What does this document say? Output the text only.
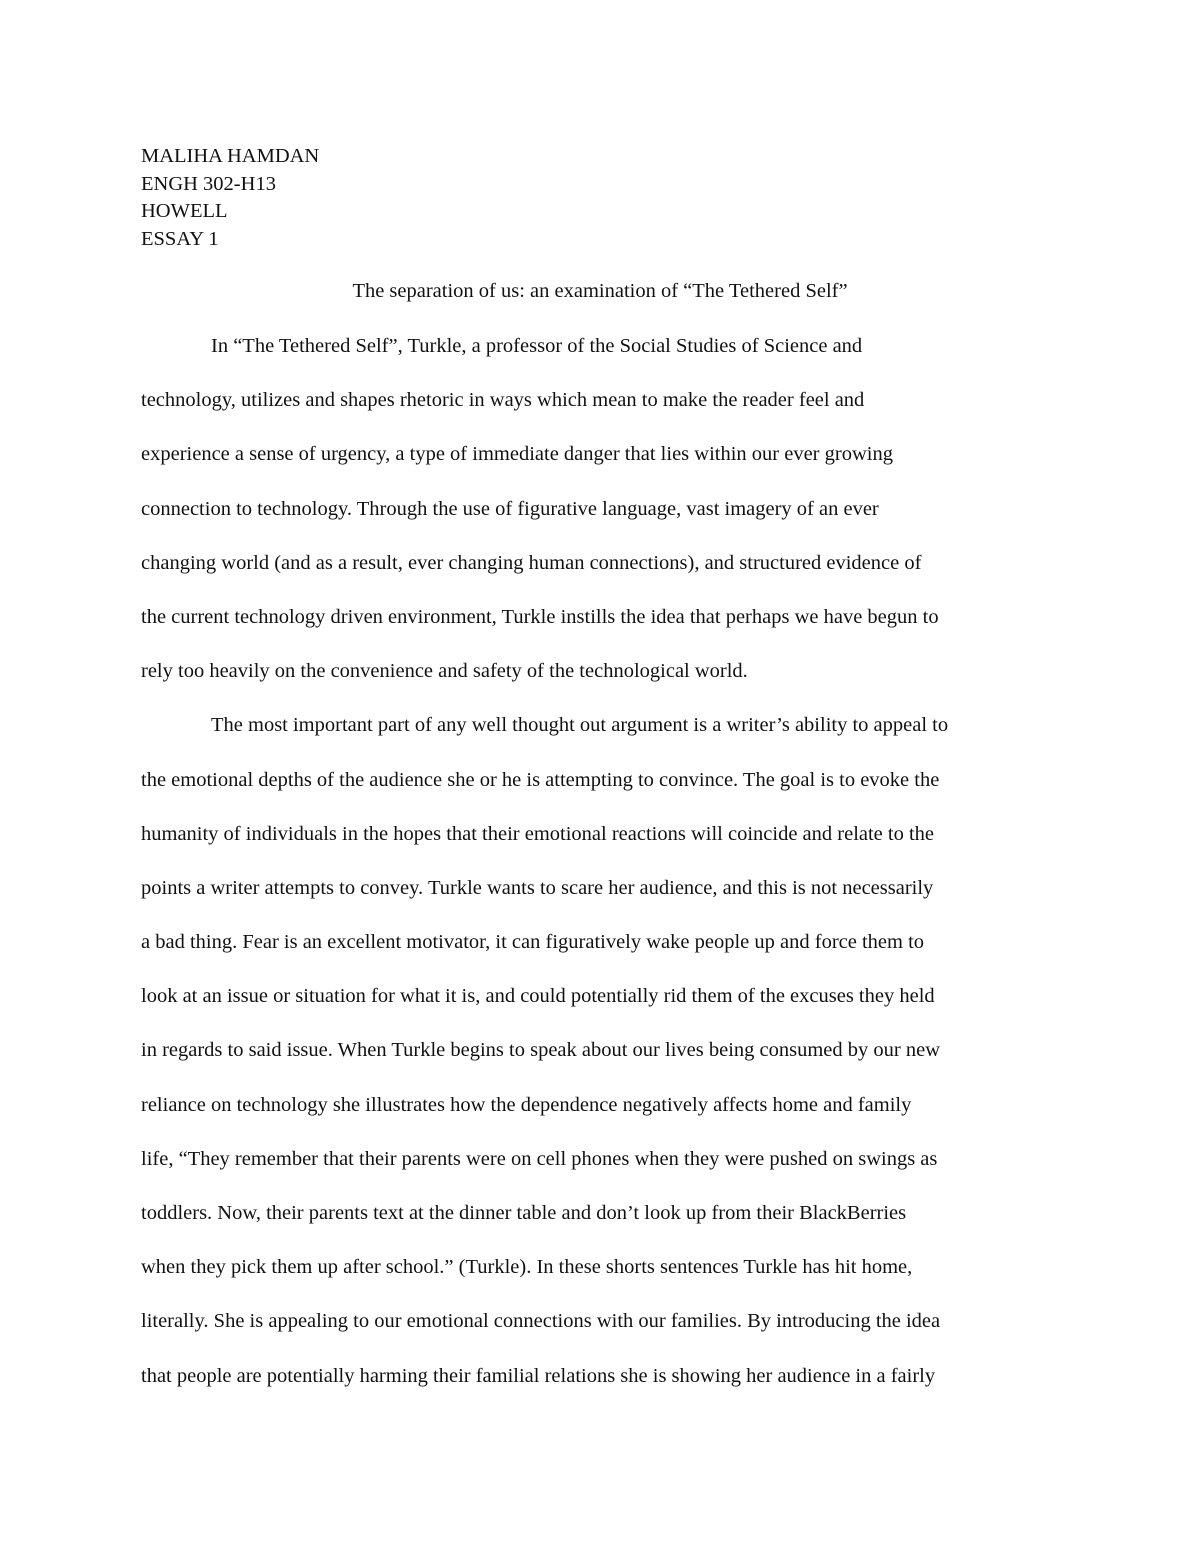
MALIHA HAMDAN
ENGH 302-H13
HOWELL
ESSAY 1
The separation of us: an examination of “The Tethered Self”
In “The Tethered Self”, Turkle, a professor of the Social Studies of Science and
technology, utilizes and shapes rhetoric in ways which mean to make the reader feel and
experience a sense of urgency, a type of immediate danger that lies within our ever growing
connection to technology. Through the use of figurative language, vast imagery of an ever
changing world (and as a result, ever changing human connections), and structured evidence of
the current technology driven environment, Turkle instills the idea that perhaps we have begun to
rely too heavily on the convenience and safety of the technological world.
The most important part of any well thought out argument is a writer’s ability to appeal to
the emotional depths of the audience she or he is attempting to convince. The goal is to evoke the
humanity of individuals in the hopes that their emotional reactions will coincide and relate to the
points a writer attempts to convey. Turkle wants to scare her audience, and this is not necessarily
a bad thing. Fear is an excellent motivator, it can figuratively wake people up and force them to
look at an issue or situation for what it is, and could potentially rid them of the excuses they held
in regards to said issue. When Turkle begins to speak about our lives being consumed by our new
reliance on technology she illustrates how the dependence negatively affects home and family
life, “They remember that their parents were on cell phones when they were pushed on swings as
toddlers. Now, their parents text at the dinner table and don’t look up from their BlackBerries
when they pick them up after school.” (Turkle). In these shorts sentences Turkle has hit home,
literally. She is appealing to our emotional connections with our families. By introducing the idea
that people are potentially harming their familial relations she is showing her audience in a fairly
